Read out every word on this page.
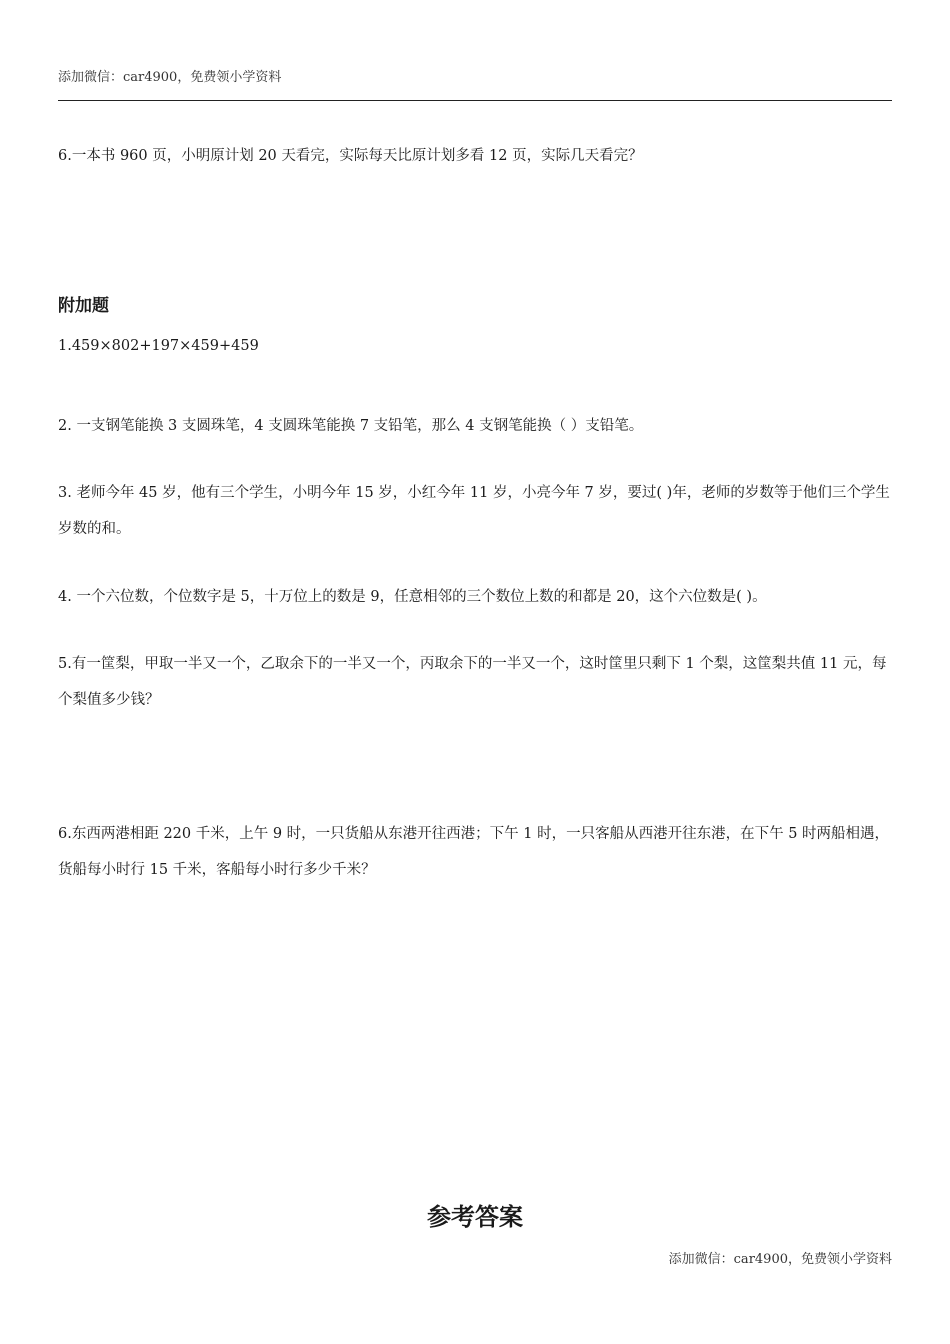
添加微信：car4900，免费领小学资料
6.一本书 960 页，小明原计划 20 天看完，实际每天比原计划多看 12 页，实际几天看完？
附加题
1.459×802+197×459+459
2. 一支钢笔能换 3 支圆珠笔，4 支圆珠笔能换 7 支铅笔，那么 4 支钢笔能换（ ）支铅笔。
3. 老师今年 45 岁，他有三个学生，小明今年 15 岁，小红今年 11 岁，小亮今年 7 岁，要过( )年，老师的岁数等于他们三个学生岁数的和。
4. 一个六位数，个位数字是 5，十万位上的数是 9，任意相邻的三个数位上数的和都是 20，这个六位数是( )。
5.有一筐梨，甲取一半又一个，乙取余下的一半又一个，丙取余下的一半又一个，这时筐里只剩下 1 个梨，这筐梨共值 11 元，每个梨值多少钱？
6.东西两港相距 220 千米，上午 9 时，一只货船从东港开往西港；下午 1 时，一只客船从西港开往东港，在下午 5 时两船相遇，货船每小时行 15 千米，客船每小时行多少千米？
参考答案
添加微信：car4900，免费领小学资料
